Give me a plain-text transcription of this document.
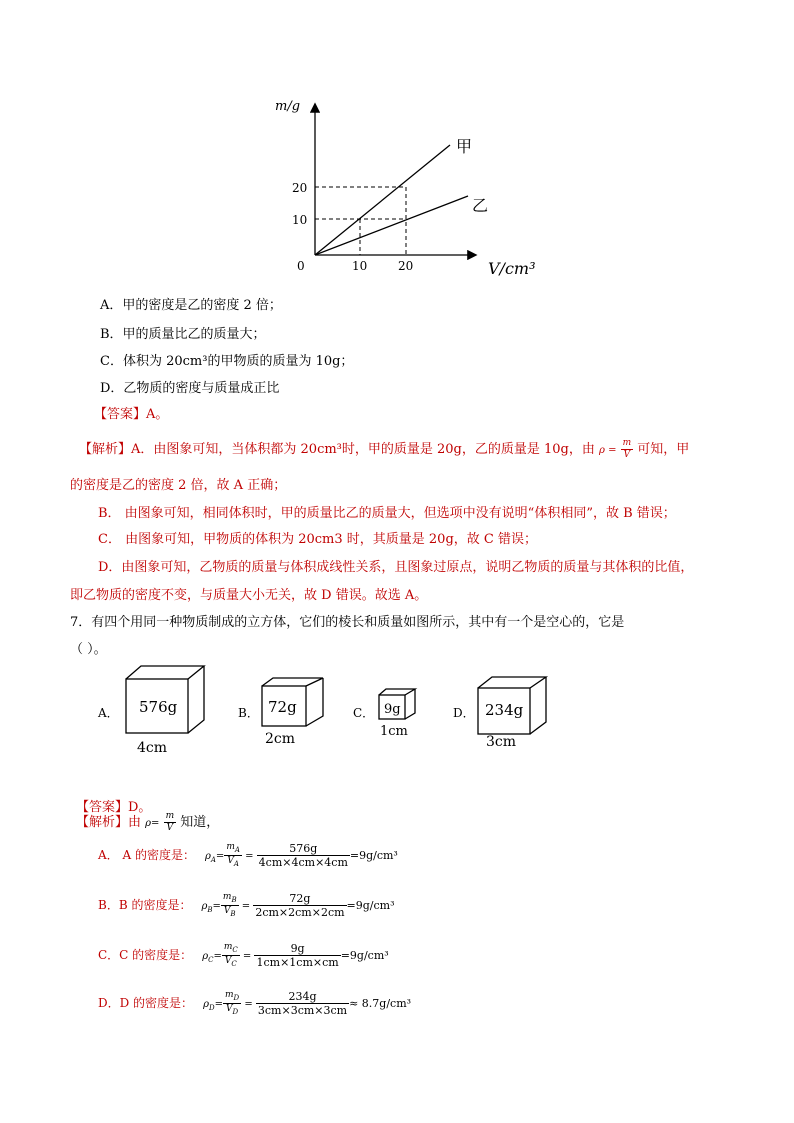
m/g
V/cm³
0	10	20
20
10
甲
乙
A．甲的密度是乙的密度 2 倍；
B．甲的质量比乙的质量大；
C．体积为 20cm³的甲物质的质量为 10g；
D．乙物质的密度与质量成正比
【答案】A。
【解析】A．由图象可知，当体积都为 20cm³时，甲的质量是 20g，乙的质量是 10g，由 $\rho = \frac{m}{V}$ 可知，甲
的密度是乙的密度 2 倍，故 A 正确；
B． 由图象可知，相同体积时，甲的质量比乙的质量大，但选项中没有说明“体积相同”，故 B 错误；
C． 由图象可知，甲物质的体积为 20cm3 时，其质量是 20g，故 C 错误；
D．由图象可知，乙物质的质量与体积成线性关系，且图象过原点，说明乙物质的质量与其体积的比值，
即乙物质的密度不变，与质量大小无关，故 D 错误。故选 A。
7．有四个用同一种物质制成的立方体，它们的棱长和质量如图所示，其中有一个是空心的，它是
（ ）。
A． 576g
4cm
B． 72g
2cm
C． 9g
1cm
D． 234g
3cm
【答案】D。
【解析】由 $\rho= \frac{m}{V}$ 知道，
A． A 的密度是： $\rho_A= \frac{m_A}{V_A} = \frac{576g}{4cm\times 4cm\times 4cm} =9g/cm^3$
B．B 的密度是： $\rho_B= \frac{m_B}{V_B} = \frac{72g}{2cm\times 2cm\times 2cm} =9g/cm^3$
C．C 的密度是： $\rho_C= \frac{m_C}{V_C} = \frac{9g}{1cm\times 1cm\times cm} =9g/cm^3$
D．D 的密度是： $\rho_D= \frac{m_D}{V_D} = \frac{234g}{3cm\times 3cm\times 3cm} \approx 8.7g/cm^3$
